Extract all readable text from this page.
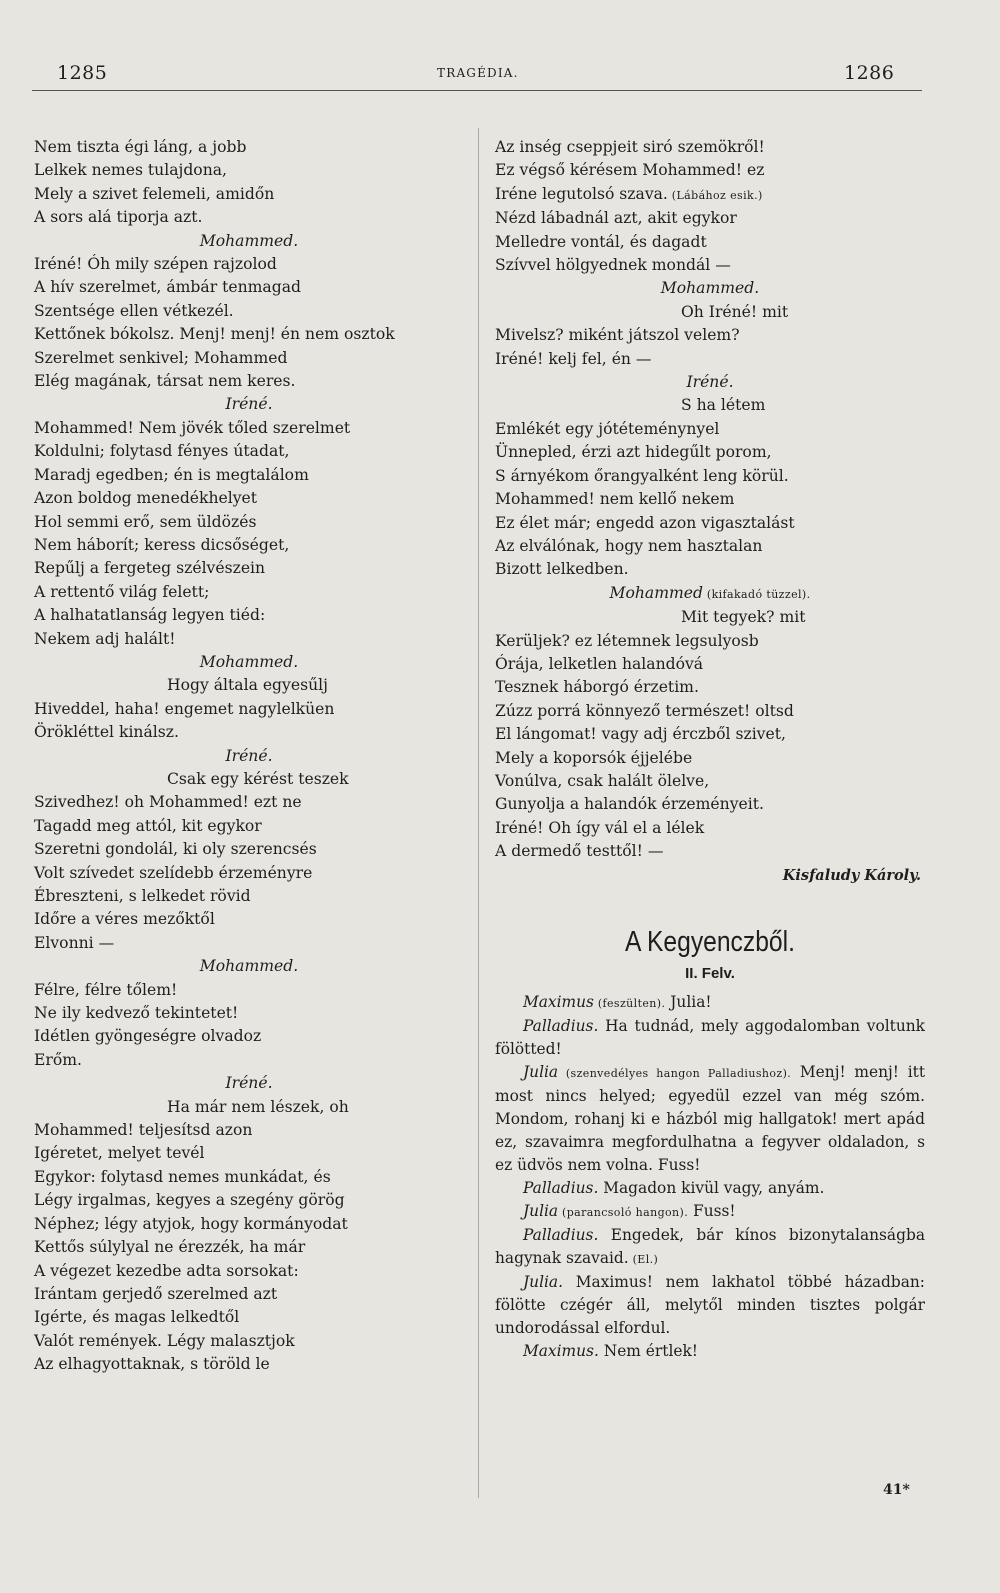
1285	TRAGÉDIA.	1286
Nem tiszta égi láng, a jobb
Lelkek nemes tulajdona,
Mely a szivet felemeli, amidőn
A sors alá tiporja azt.
Mohammed.
Iréné! Óh mily szépen rajzolod
A hív szerelmet, ámbár tenmagad
Szentsége ellen vétkezél.
Kettőnek bókolsz. Menj! menj! én nem osztok
Szerelmet senkivel; Mohammed
Elég magának, társat nem keres.
Iréné.
Mohammed! Nem jövék tőled szerelmet
Koldulni; folytasd fényes útadat,
Maradj egedben; én is megtalálom
Azon boldog menedékhelyet
Hol semmi erő, sem üldözés
Nem háborít; keress dicsőséget,
Repűlj a fergeteg szélvészein
A rettentő világ felett;
A halhatatlanság legyen tiéd:
Nekem adj halált!
Mohammed.
Hogy általa egyesűlj
Hiveddel, haha! engemet nagylelküen
Örökléttel kinálsz.
Iréné.
Csak egy kérést teszek
Szivedhez! oh Mohammed! ezt ne
Tagadd meg attól, kit egykor
Szeretni gondolál, ki oly szerencsés
Volt szívedet szelídebb érzeményre
Ébreszteni, s lelkedet rövid
Időre a véres mezőktől
Elvonni —
Mohammed.
Félre, félre tőlem!
Ne ily kedvező tekintetet!
Idétlen gyöngeségre olvadoz
Erőm.
Iréné.
Ha már nem lészek, oh
Mohammed! teljesítsd azon
Igéretet, melyet tevél
Egykor: folytasd nemes munkádat, és
Légy irgalmas, kegyes a szegény görög
Néphez; légy atyjok, hogy kormányodat
Kettős súlylyal ne érezzék, ha már
A végezet kezedbe adta sorsokat:
Irántam gerjedő szerelmed azt
Igérte, és magas lelkedtől
Valót remények. Légy malasztjok
Az elhagyottaknak, s töröld le
Az inség cseppjeit siró szemökről!
Ez végső kérésem Mohammed! ez
Iréne legutolsó szava. (Lábához esik.)
Nézd lábadnál azt, akit egykor
Melledre vontál, és dagadt
Szívvel hölgyednek mondál —
Mohammed.
Oh Iréné! mit
Mivelsz? miként játszol velem?
Iréné! kelj fel, én —
Iréné.
S ha létem
Emlékét egy jótéteménynyel
Ünnepled, érzi azt hidegűlt porom,
S árnyékom őrangyalként leng körül.
Mohammed! nem kellő nekem
Ez élet már; engedd azon vigasztalást
Az elválónak, hogy nem hasztalan
Bizott lelkedben.
Mohammed (kifakadó tüzzel).
Mit tegyek? mit
Kerüljek? ez létemnek legsulyosb
Órája, lelketlen halandóvá
Tesznek háborgó érzetim.
Zúzz porrá könnyező természet! oltsd
El lángomat! vagy adj érczből szivet,
Mely a koporsók éjjelébe
Vonúlva, csak halált ölelve,
Gunyolja a halandók érzeményeit.
Iréné! Oh így vál el a lélek
A dermedő testtől! —
Kisfaludy Károly.
A Kegyenczből.
II. Felv.
Maximus (feszülten). Julia!
Palladius. Ha tudnád, mely aggodalomban voltunk fölötted!
Julia (szenvedélyes hangon Palladiushoz). Menj! menj! itt most nincs helyed; egyedül ezzel van még szóm. Mondom, rohanj ki e házból mig hallgatok! mert apád ez, szavaimra megfordulhatna a fegyver oldaladon, s ez üdvös nem volna. Fuss!
Palladius. Magadon kivül vagy, anyám.
Julia (parancsoló hangon). Fuss!
Palladius. Engedek, bár kínos bizonytalanságba hagynak szavaid. (El.)
Julia. Maximus! nem lakhatol többé házadban: fölötte czégér áll, melytől minden tisztes polgár undorodással elfordul.
Maximus. Nem értlek!
41*
